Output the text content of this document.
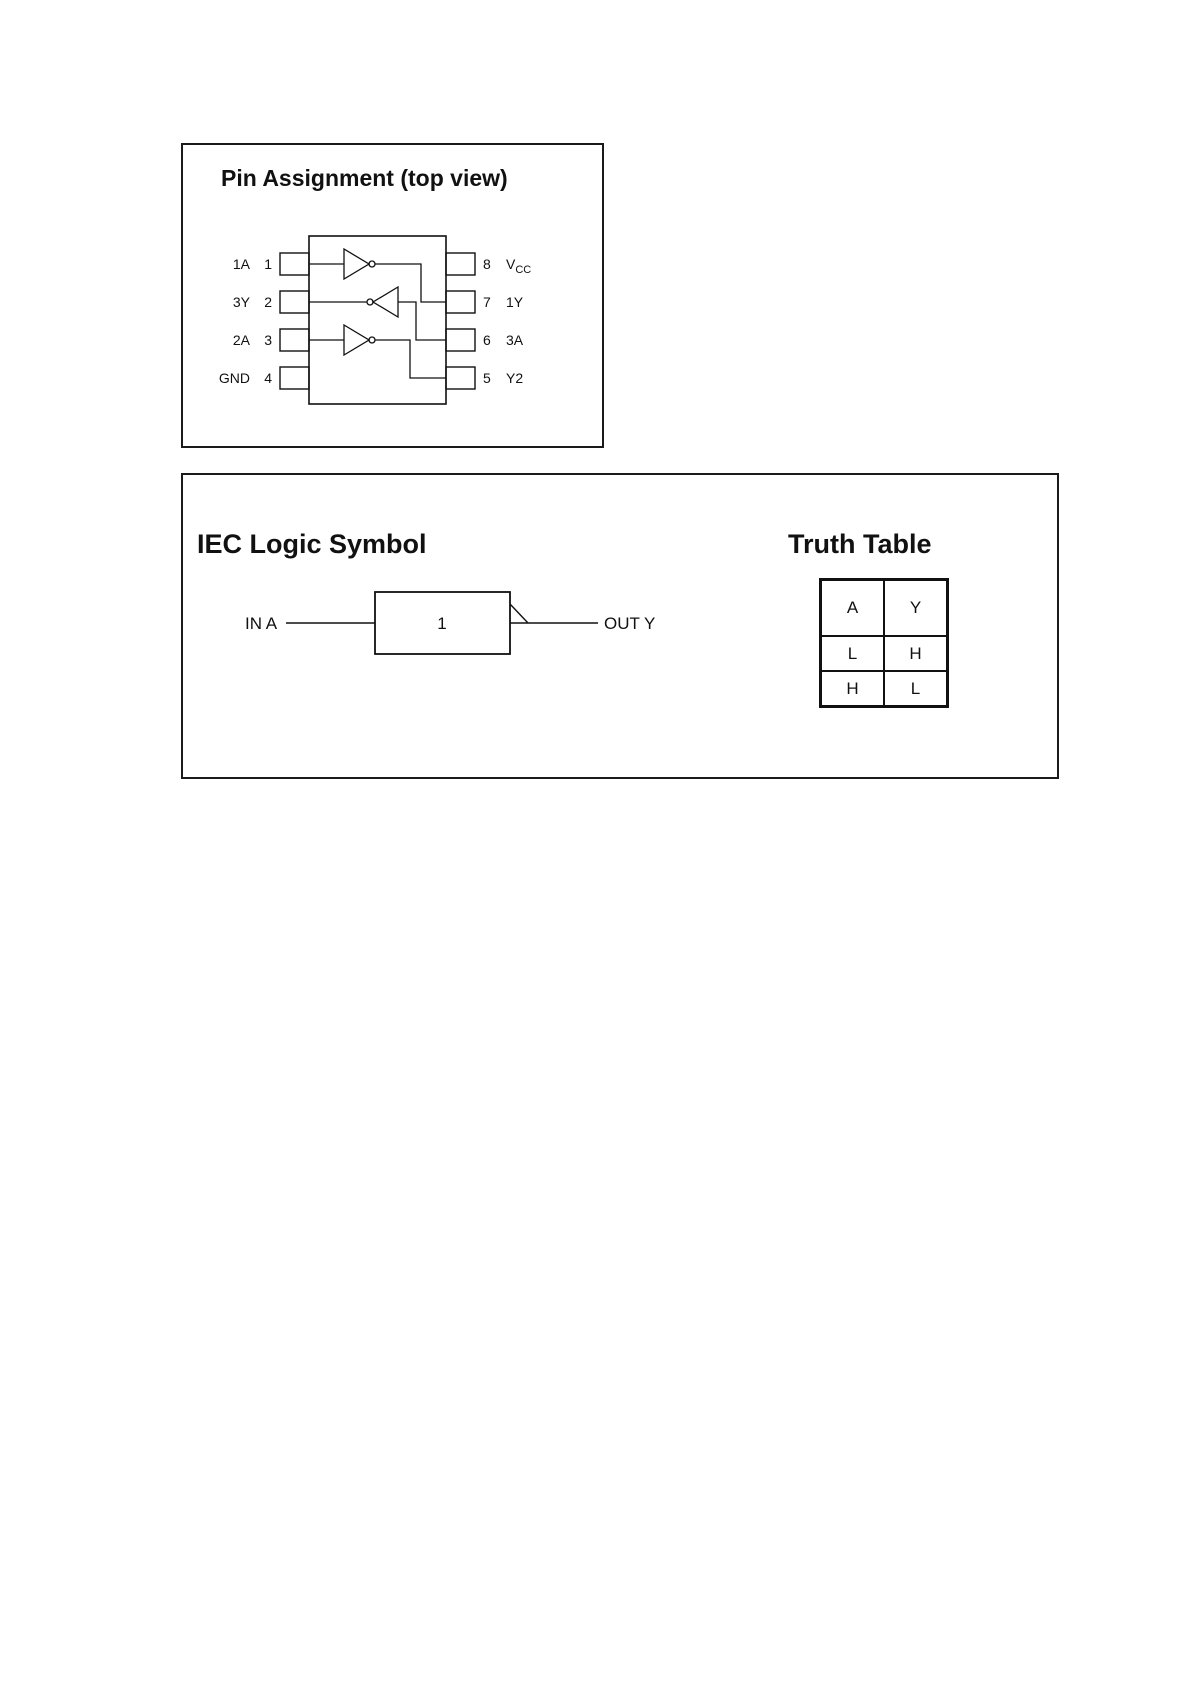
Pin Assignment (top view)
1A 1
3Y 2
2A 3
GND 4
8 $V_{CC}$
7 1Y
6 3A
5 Y2
IEC Logic Symbol
IN A	1	OUT Y
Truth Table
A	Y
L	H
H	L
